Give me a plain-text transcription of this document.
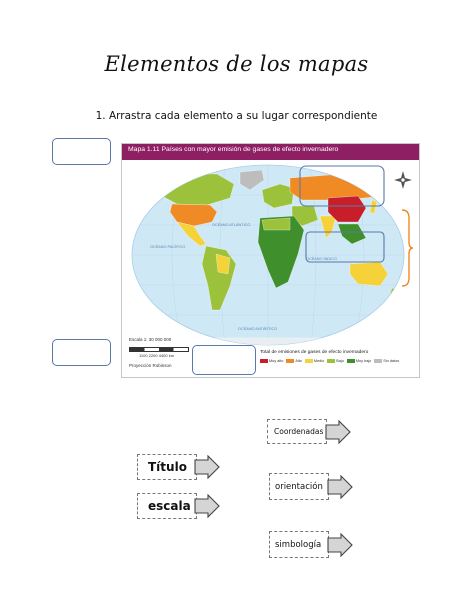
Elementos de los mapas
1. Arrastra cada elemento a su lugar correspondiente
Mapa 1.11 Países con mayor emisión de gases de efecto invernadero
OCÉANO ATLÁNTICO
OCÉANO PACÍFICO
OCÉANO ÍNDICO
OCÉANO ANTÁRTICO
Escala 1: 30 000 000
1100 2200 4400 km
Proyección Robinson
Total de emisiones de gases de efecto invernadero
Muy alto	Alto	Medio	Bajo	Muy bajo	Sin datos
Título
escala
Coordenadas
orientación
simbología
